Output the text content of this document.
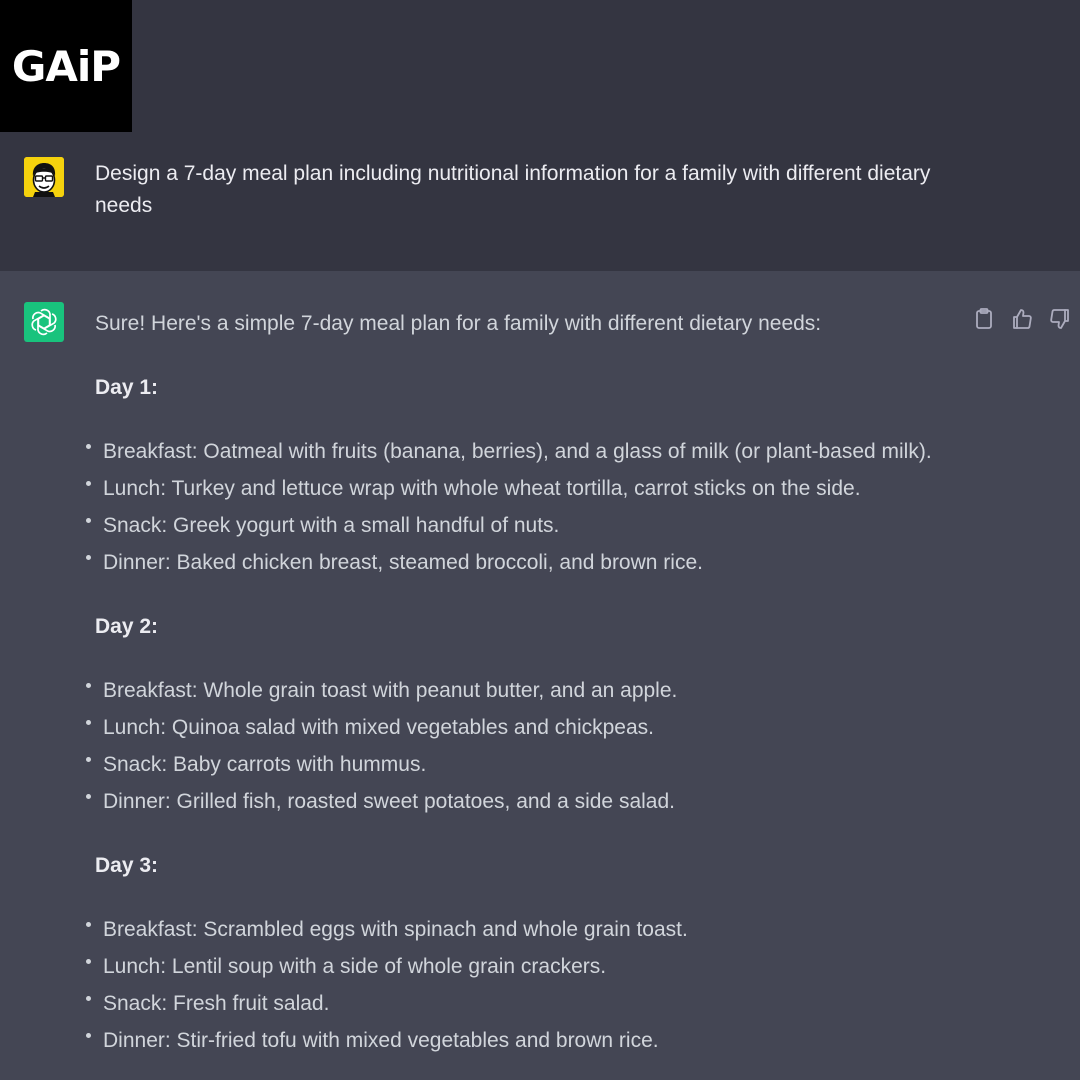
GAiP
Design a 7-day meal plan including nutritional information for a family with different dietary needs

Sure! Here's a simple 7-day meal plan for a family with different dietary needs:

Day 1:

Breakfast: Oatmeal with fruits (banana, berries), and a glass of milk (or plant-based milk).
Lunch: Turkey and lettuce wrap with whole wheat tortilla, carrot sticks on the side.
Snack: Greek yogurt with a small handful of nuts.
Dinner: Baked chicken breast, steamed broccoli, and brown rice.

Day 2:

Breakfast: Whole grain toast with peanut butter, and an apple.
Lunch: Quinoa salad with mixed vegetables and chickpeas.
Snack: Baby carrots with hummus.
Dinner: Grilled fish, roasted sweet potatoes, and a side salad.

Day 3:

Breakfast: Scrambled eggs with spinach and whole grain toast.
Lunch: Lentil soup with a side of whole grain crackers.
Snack: Fresh fruit salad.
Dinner: Stir-fried tofu with mixed vegetables and brown rice.
